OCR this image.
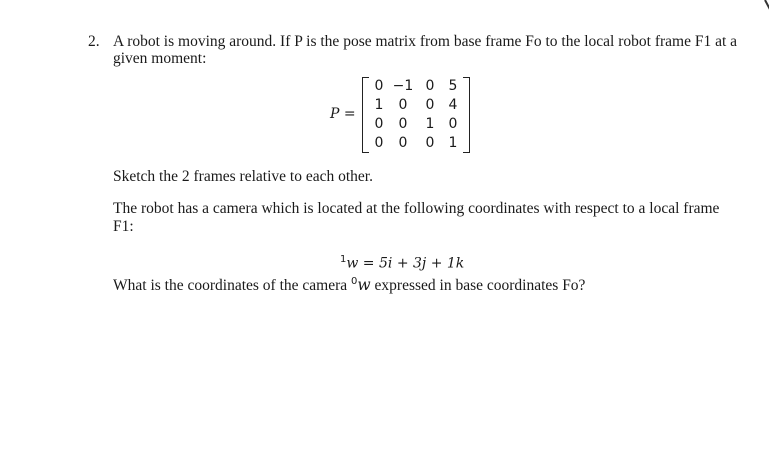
2. A robot is moving around. If P is the pose matrix from base frame Fo to the local robot frame F1 at a
given moment:
P =
0 −1 0	5
1	0	0	4
0	0	1	0
0	0	0	1
Sketch the 2 frames relative to each other.
The robot has a camera which is located at the following coordinates with respect to a local frame
F1:
$^1$w = 5i + 3j + 1k
What is the coordinates of the camera $^0$w expressed in base coordinates Fo?
